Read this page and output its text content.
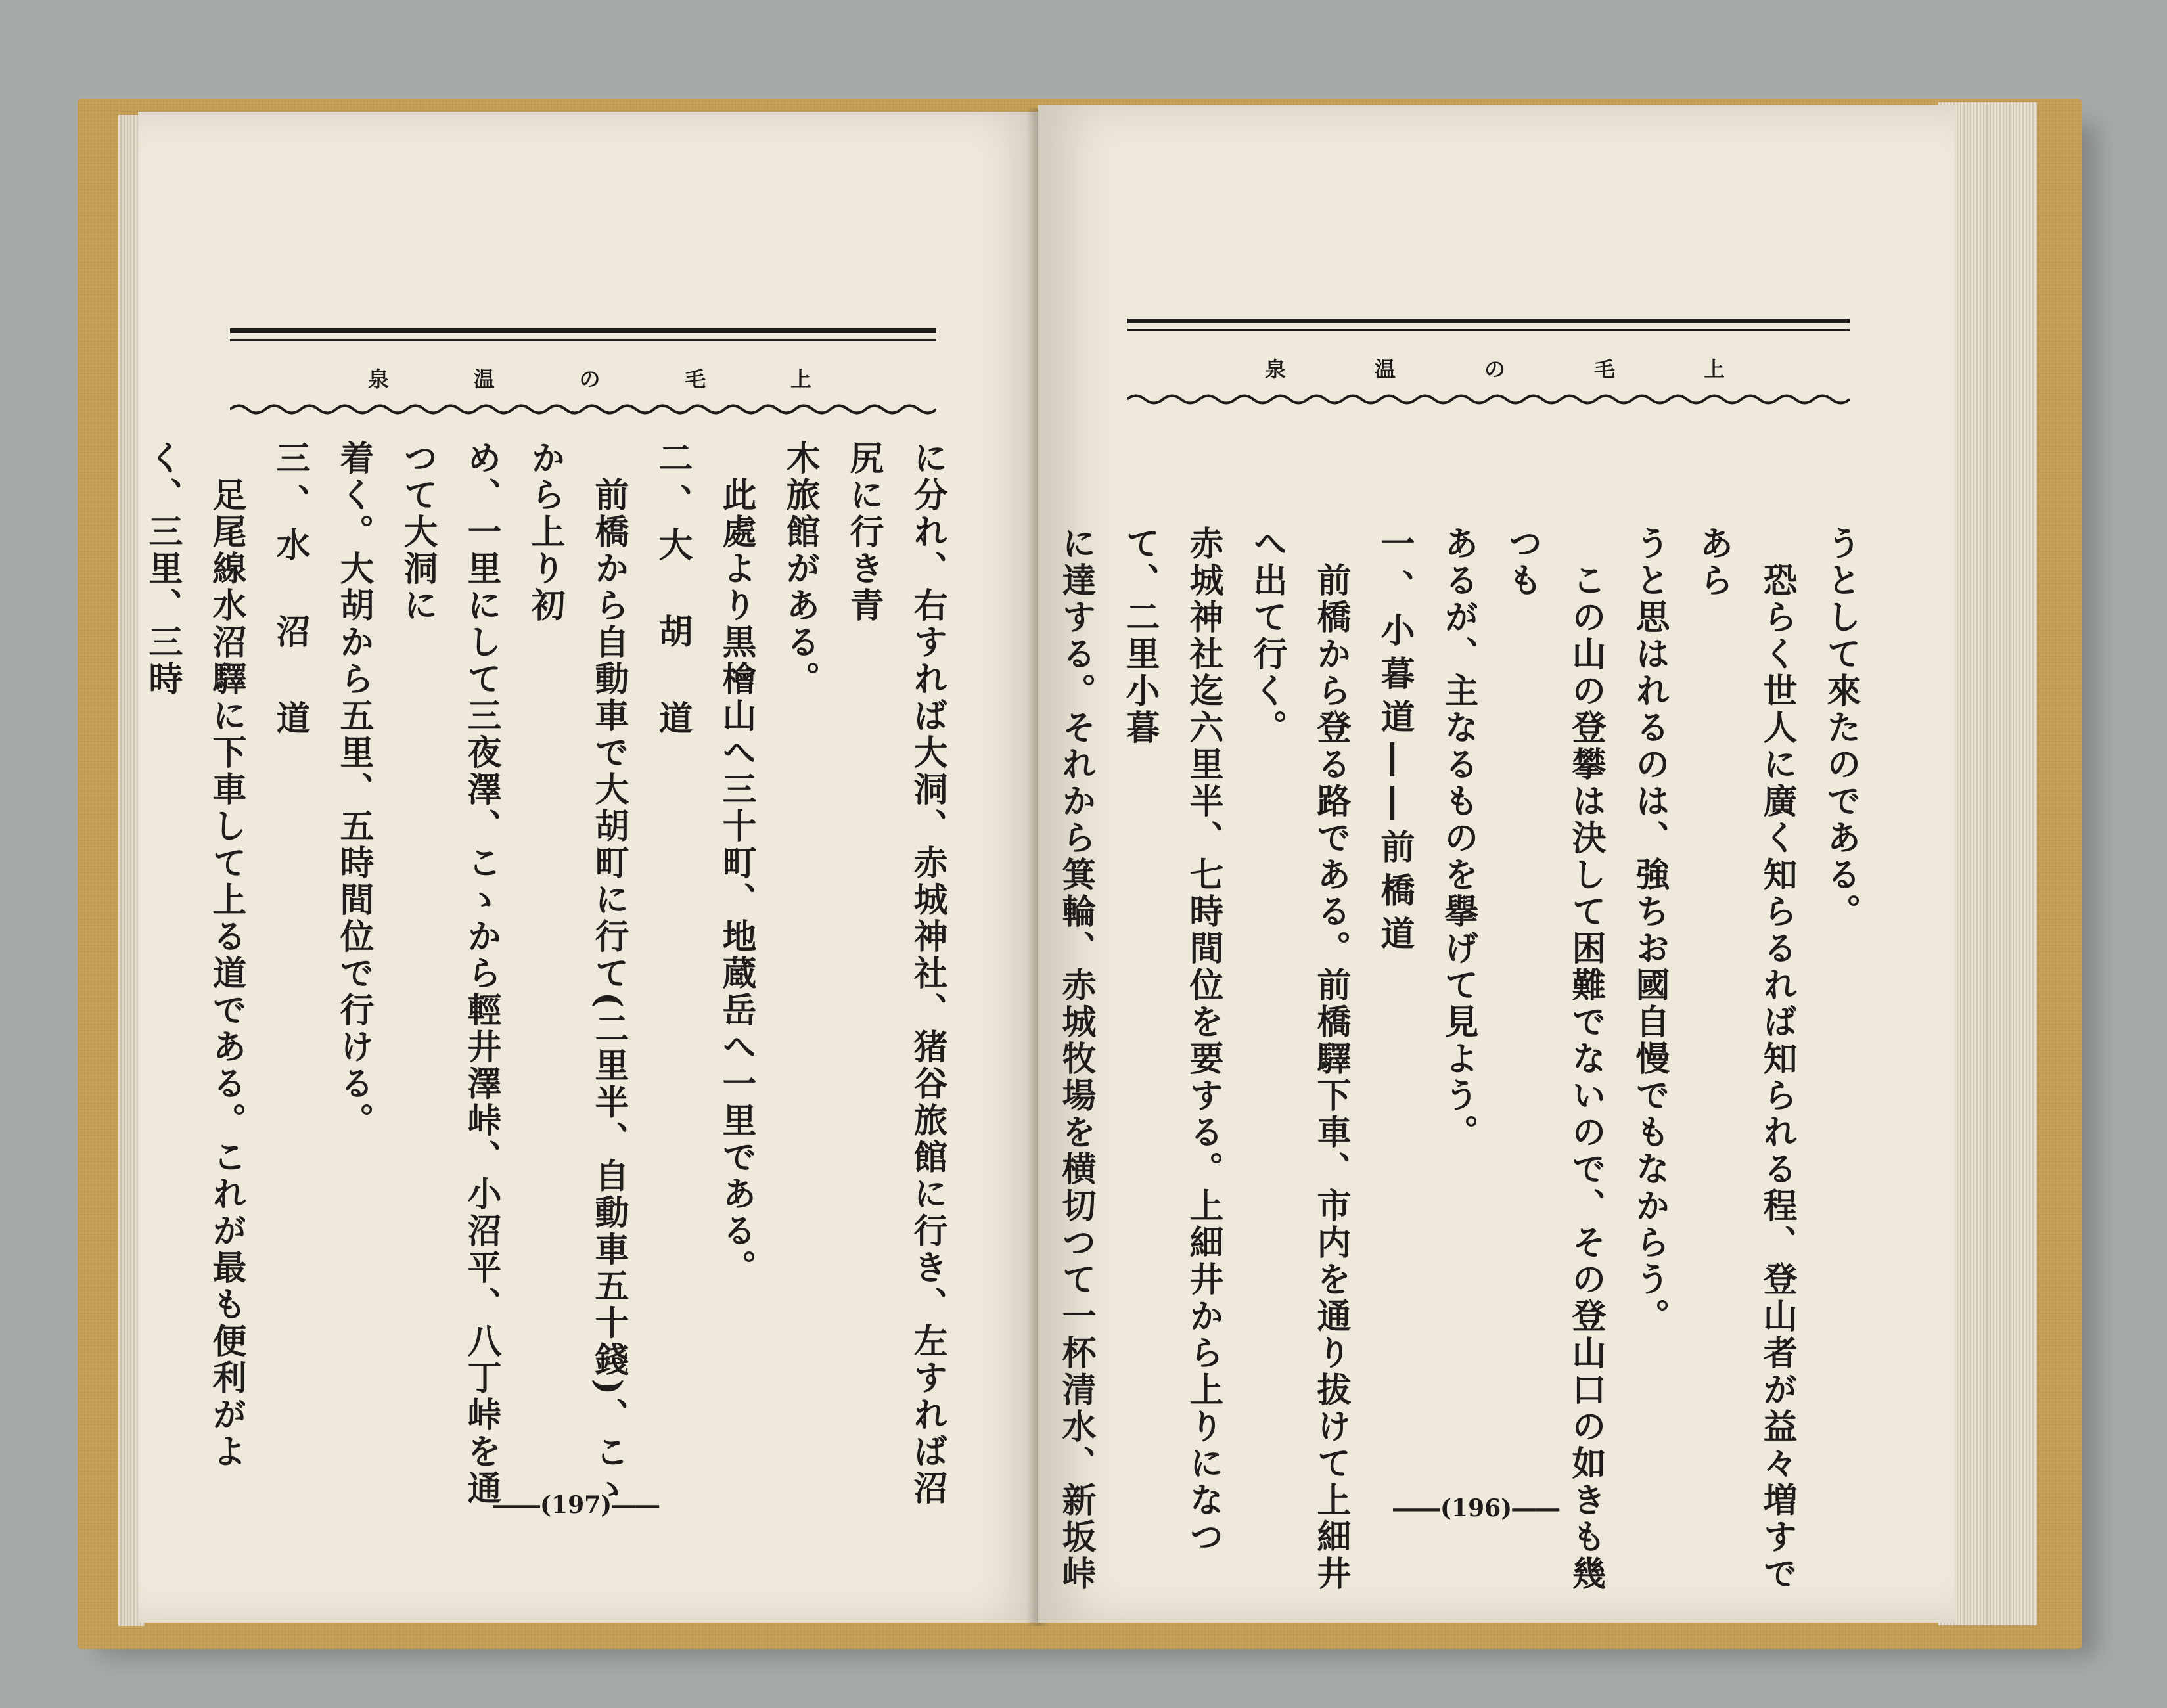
上
毛
の
温
泉

に分れ、右すれば大洞、赤城神社、猪谷旅館に行き、左すれば沼尻に行き青

木旅館がある。

　此處より黒檜山へ三十町、地蔵岳へ一里である。

二、大　胡　道

　前橋から自動車で大胡町に行て(二里半、自動車五十錢)、こゝから上り初

め、一里にして三夜澤、こゝから輕井澤峠、小沼平、八丁峠を通つて大洞に

着く。大胡から五里、五時間位で行ける。

三、水　沼　道

　足尾線水沼驛に下車して上る道である。これが最も便利がよく、三里、三時

――(197)――
上
毛
の
温
泉

うとして來たのである。

　恐らく世人に廣く知らるれば知られる程、登山者が益々増すであら

うと思はれるのは、強ちお國自慢でもなからう。

　この山の登攀は決して困難でないので、その登山口の如きも幾つも

あるが、主なるものを擧げて見よう。

一、小暮道――前橋道

　前橋から登る路である。前橋驛下車、市内を通り拔けて上細井へ出て行く。

赤城神社迄六里半、七時間位を要する。上細井から上りになつて、二里小暮

に達する。それから箕輪、赤城牧場を横切つて一杯清水、新坂峠

――(196)――
